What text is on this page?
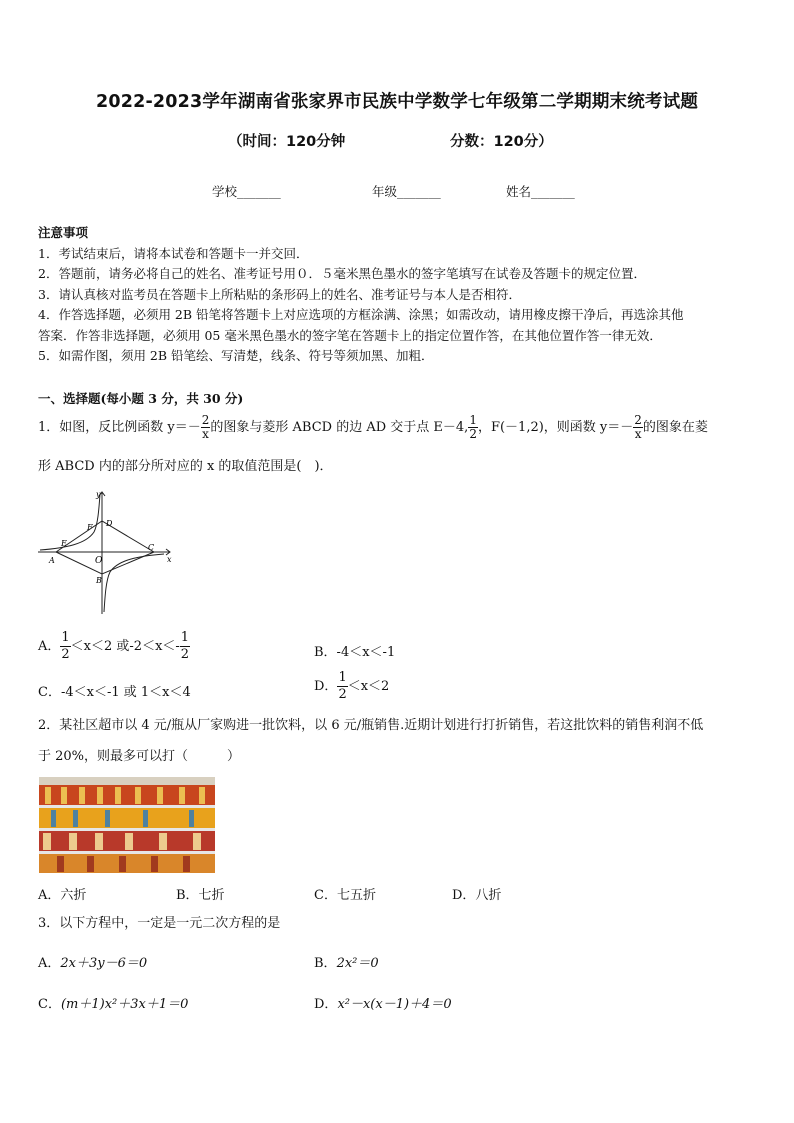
2022-2023学年湖南省张家界市民族中学数学七年级第二学期期末统考试题
（时间：120分钟	分数：120分）
学校_______	年级_______	姓名_______
注意事项
1．考试结束后，请将本试卷和答题卡一并交回．
2．答题前，请务必将自己的姓名、准考证号用０．５毫米黑色墨水的签字笔填写在试卷及答题卡的规定位置．
3．请认真核对监考员在答题卡上所粘贴的条形码上的姓名、准考证号与本人是否相符．
4．作答选择题，必须用 2B 铅笔将答题卡上对应选项的方框涂满、涂黑；如需改动，请用橡皮擦干净后，再选涂其他
答案．作答非选择题，必须用 05 毫米黑色墨水的签字笔在答题卡上的指定位置作答，在其他位置作答一律无效．
5．如需作图，须用 2B 铅笔绘、写清楚，线条、符号等须加黑、加粗．
一、选择题(每小题 3 分，共 30 分)
1．如图，反比例函数 $y=- \frac{2}{x}$ 的图象与菱形 ABCD 的边 AD 交于点 E－4, $\frac{1}{2}$ ，F(－1,2)，则函数 $y=- \frac{2}{x}$ 的图象在菱
形 ABCD 内的部分所对应的 x 的取值范围是(　)．
y
x
O
A
B
C
D
E
F
A． $\frac{1}{2} <x<2$ 或$-2<x<- \frac{1}{2}$	B．-4＜x＜-1
C．-4＜x＜-1 或 1＜x＜4	D． $\frac{1}{2} <x<2$
2．某社区超市以 4 元/瓶从厂家购进一批饮料，以 6 元/瓶销售.近期计划进行打折销售，若这批饮料的销售利润不低
于 20%，则最多可以打（　　　）
A．六折	B．七折	C．七五折	D．八折
3．以下方程中，一定是一元二次方程的是
A．2x＋3y－6＝0	B．2x²＝0
C．(m＋1)x²＋3x＋1＝0	D．x²－x(x－1)＋4＝0
